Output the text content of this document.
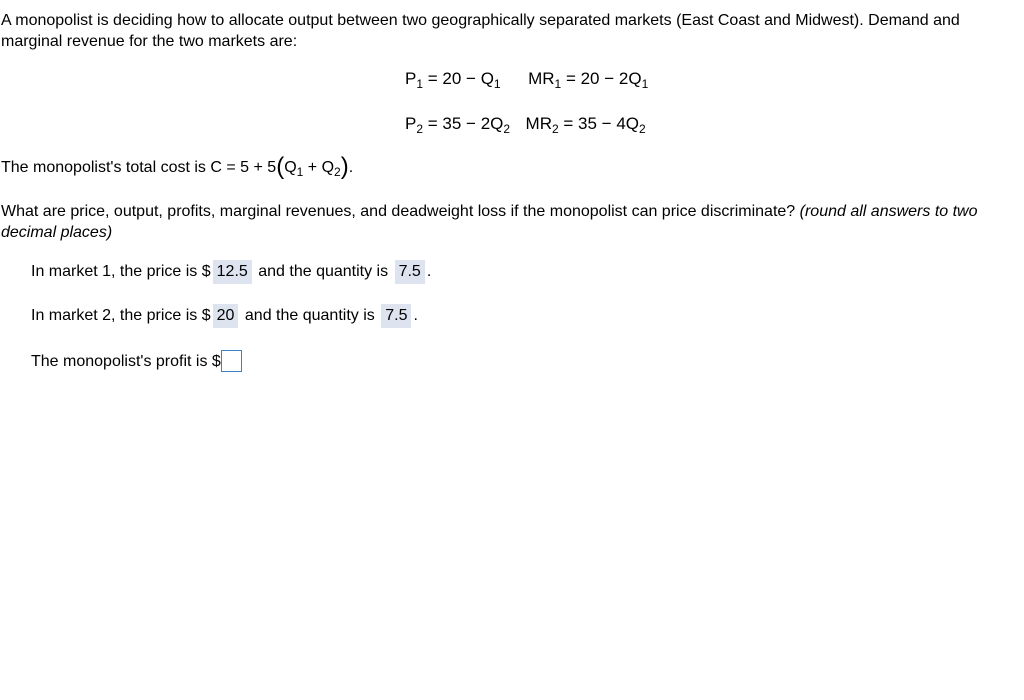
A monopolist is deciding how to allocate output between two geographically separated markets (East Coast and Midwest). Demand and marginal revenue for the two markets are:
$P_1 = 20 - Q_1$ $MR_1 = 20 - 2Q_1$
$P_2 = 35 - 2Q_2$ $MR_2 = 35 - 4Q_2$
The monopolist's total cost is $C = 5 + 5(Q_1 + Q_2)$.
What are price, output, profits, marginal revenues, and deadweight loss if the monopolist can price discriminate? (round all answers to two decimal places)
In market 1, the price is $ 12.5 and the quantity is 7.5 .
In market 2, the price is $ 20 and the quantity is 7.5 .
The monopolist's profit is $
